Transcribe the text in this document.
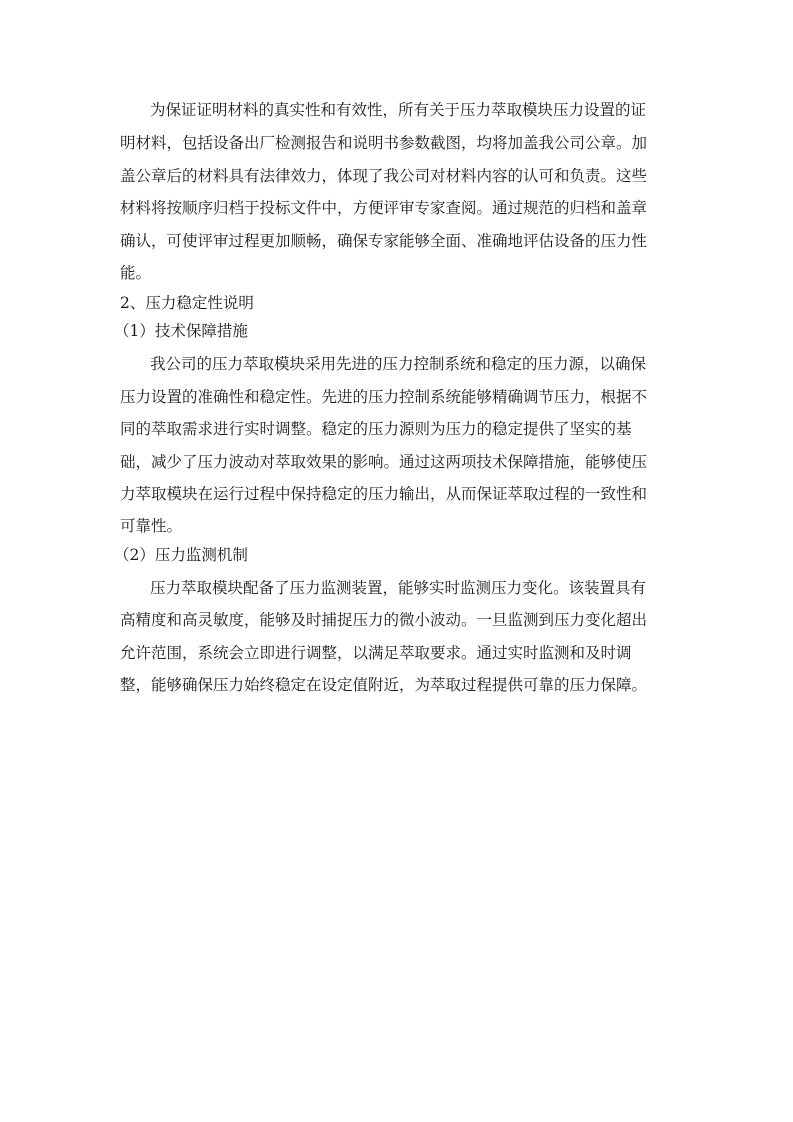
为保证证明材料的真实性和有效性，所有关于压力萃取模块压力设置的证
明材料，包括设备出厂检测报告和说明书参数截图，均将加盖我公司公章。加
盖公章后的材料具有法律效力，体现了我公司对材料内容的认可和负责。这些
材料将按顺序归档于投标文件中，方便评审专家查阅。通过规范的归档和盖章
确认，可使评审过程更加顺畅，确保专家能够全面、准确地评估设备的压力性
能。
2、压力稳定性说明
（1）技术保障措施
我公司的压力萃取模块采用先进的压力控制系统和稳定的压力源，以确保
压力设置的准确性和稳定性。先进的压力控制系统能够精确调节压力，根据不
同的萃取需求进行实时调整。稳定的压力源则为压力的稳定提供了坚实的基
础，减少了压力波动对萃取效果的影响。通过这两项技术保障措施，能够使压
力萃取模块在运行过程中保持稳定的压力输出，从而保证萃取过程的一致性和
可靠性。
（2）压力监测机制
压力萃取模块配备了压力监测装置，能够实时监测压力变化。该装置具有
高精度和高灵敏度，能够及时捕捉压力的微小波动。一旦监测到压力变化超出
允许范围，系统会立即进行调整，以满足萃取要求。通过实时监测和及时调
整，能够确保压力始终稳定在设定值附近，为萃取过程提供可靠的压力保障。
